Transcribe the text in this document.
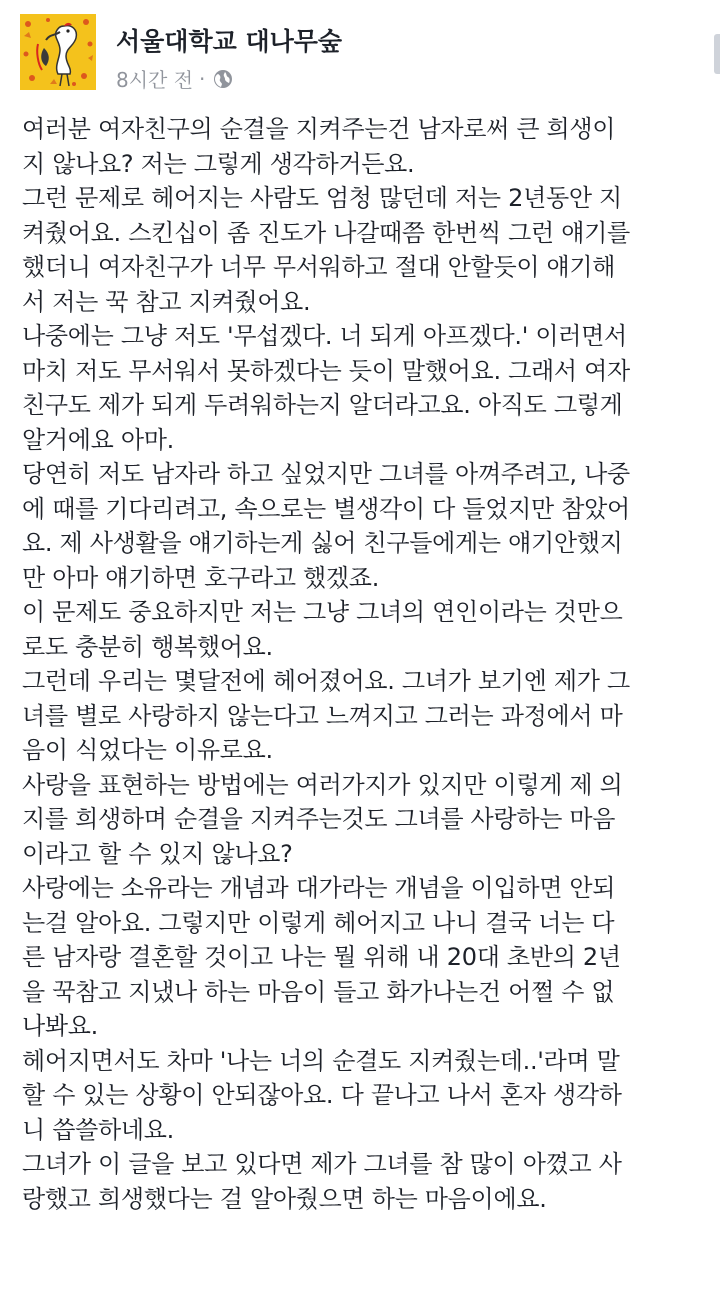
서울대학교 대나무숲
8시간 전 ·

여러분 여자친구의 순결을 지켜주는건 남자로써 큰 희생이

지 않나요? 저는 그렇게 생각하거든요.

그런 문제로 헤어지는 사람도 엄청 많던데 저는 2년동안 지

켜줬어요. 스킨십이 좀 진도가 나갈때쯤 한번씩 그런 얘기를

했더니 여자친구가 너무 무서워하고 절대 안할듯이 얘기해

서 저는 꾹 참고 지켜줬어요.

나중에는 그냥 저도 '무섭겠다. 너 되게 아프겠다.' 이러면서

마치 저도 무서워서 못하겠다는 듯이 말했어요. 그래서 여자

친구도 제가 되게 두려워하는지 알더라고요. 아직도 그렇게

알거에요 아마.

당연히 저도 남자라 하고 싶었지만 그녀를 아껴주려고, 나중

에 때를 기다리려고, 속으로는 별생각이 다 들었지만 참았어

요. 제 사생활을 얘기하는게 싫어 친구들에게는 얘기안했지

만 아마 얘기하면 호구라고 했겠죠.

이 문제도 중요하지만 저는 그냥 그녀의 연인이라는 것만으

로도 충분히 행복했어요.

그런데 우리는 몇달전에 헤어졌어요. 그녀가 보기엔 제가 그

녀를 별로 사랑하지 않는다고 느껴지고 그러는 과정에서 마

음이 식었다는 이유로요.

사랑을 표현하는 방법에는 여러가지가 있지만 이렇게 제 의

지를 희생하며 순결을 지켜주는것도 그녀를 사랑하는 마음

이라고 할 수 있지 않나요?

사랑에는 소유라는 개념과 대가라는 개념을 이입하면 안되

는걸 알아요. 그렇지만 이렇게 헤어지고 나니 결국 너는 다

른 남자랑 결혼할 것이고 나는 뭘 위해 내 20대 초반의 2년

을 꾹참고 지냈나 하는 마음이 들고 화가나는건 어쩔 수 없

나봐요.

헤어지면서도 차마 '나는 너의 순결도 지켜줬는데..'라며 말

할 수 있는 상황이 안되잖아요. 다 끝나고 나서 혼자 생각하

니 씁쓸하네요.

그녀가 이 글을 보고 있다면 제가 그녀를 참 많이 아꼈고 사

랑했고 희생했다는 걸 알아줬으면 하는 마음이에요.
